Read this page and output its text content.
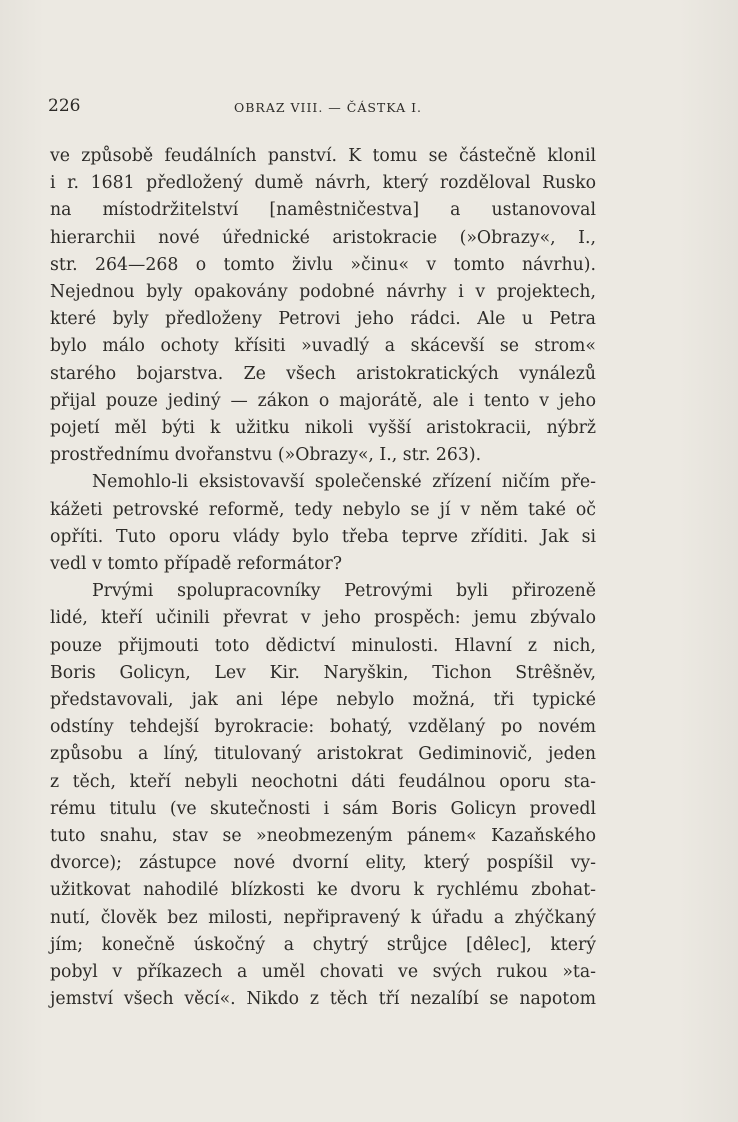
226	OBRAZ VIII. — ČÁSTKA I.

ve způsobě feudálních panství. K tomu se částečně klonil

i r. 1681 předložený dumě návrh, který rozděloval Rusko

na místodržitelství [namêstničestva] a ustanovoval

hierarchii nové úřednické aristokracie (»Obrazy«, I.,

str. 264—268 o tomto živlu »činu« v tomto návrhu).

Nejednou byly opakovány podobné návrhy i v projektech,

které byly předloženy Petrovi jeho rádci. Ale u Petra

bylo málo ochoty křísiti »uvadlý a skácevší se strom«

starého bojarstva. Ze všech aristokratických vynálezů

přijal pouze jediný — zákon o majorátě, ale i tento v jeho

pojetí měl býti k užitku nikoli vyšší aristokracii, nýbrž

prostřednímu dvořanstvu (»Obrazy«, I., str. 263).

Nemohlo-li eksistovavší společenské zřízení ničím pře-

kážeti petrovské reformě, tedy nebylo se jí v něm také oč

opříti. Tuto oporu vlády bylo třeba teprve zříditi. Jak si

vedl v tomto případě reformátor?

Prvými spolupracovníky Petrovými byli přirozeně

lidé, kteří učinili převrat v jeho prospěch: jemu zbývalo

pouze přijmouti toto dědictví minulosti. Hlavní z nich,

Boris Golicyn, Lev Kir. Naryškin, Tichon Strêšněv,

představovali, jak ani lépe nebylo možná, tři typické

odstíny tehdejší byrokracie: bohatý, vzdělaný po novém

způsobu a líný, titulovaný aristokrat Gediminovič, jeden

z těch, kteří nebyli neochotni dáti feudálnou oporu sta-

rému titulu (ve skutečnosti i sám Boris Golicyn provedl

tuto snahu, stav se »neobmezeným pánem« Kazaňského

dvorce); zástupce nové dvorní elity, který pospíšil vy-

užitkovat nahodilé blízkosti ke dvoru k rychlému zbohat-

nutí, člověk bez milosti, nepřipravený k úřadu a zhýčkaný

jím; konečně úskočný a chytrý strůjce [dêlec], který

pobyl v příkazech a uměl chovati ve svých rukou »ta-

jemství všech věcí«. Nikdo z těch tří nezalíbí se napotom
